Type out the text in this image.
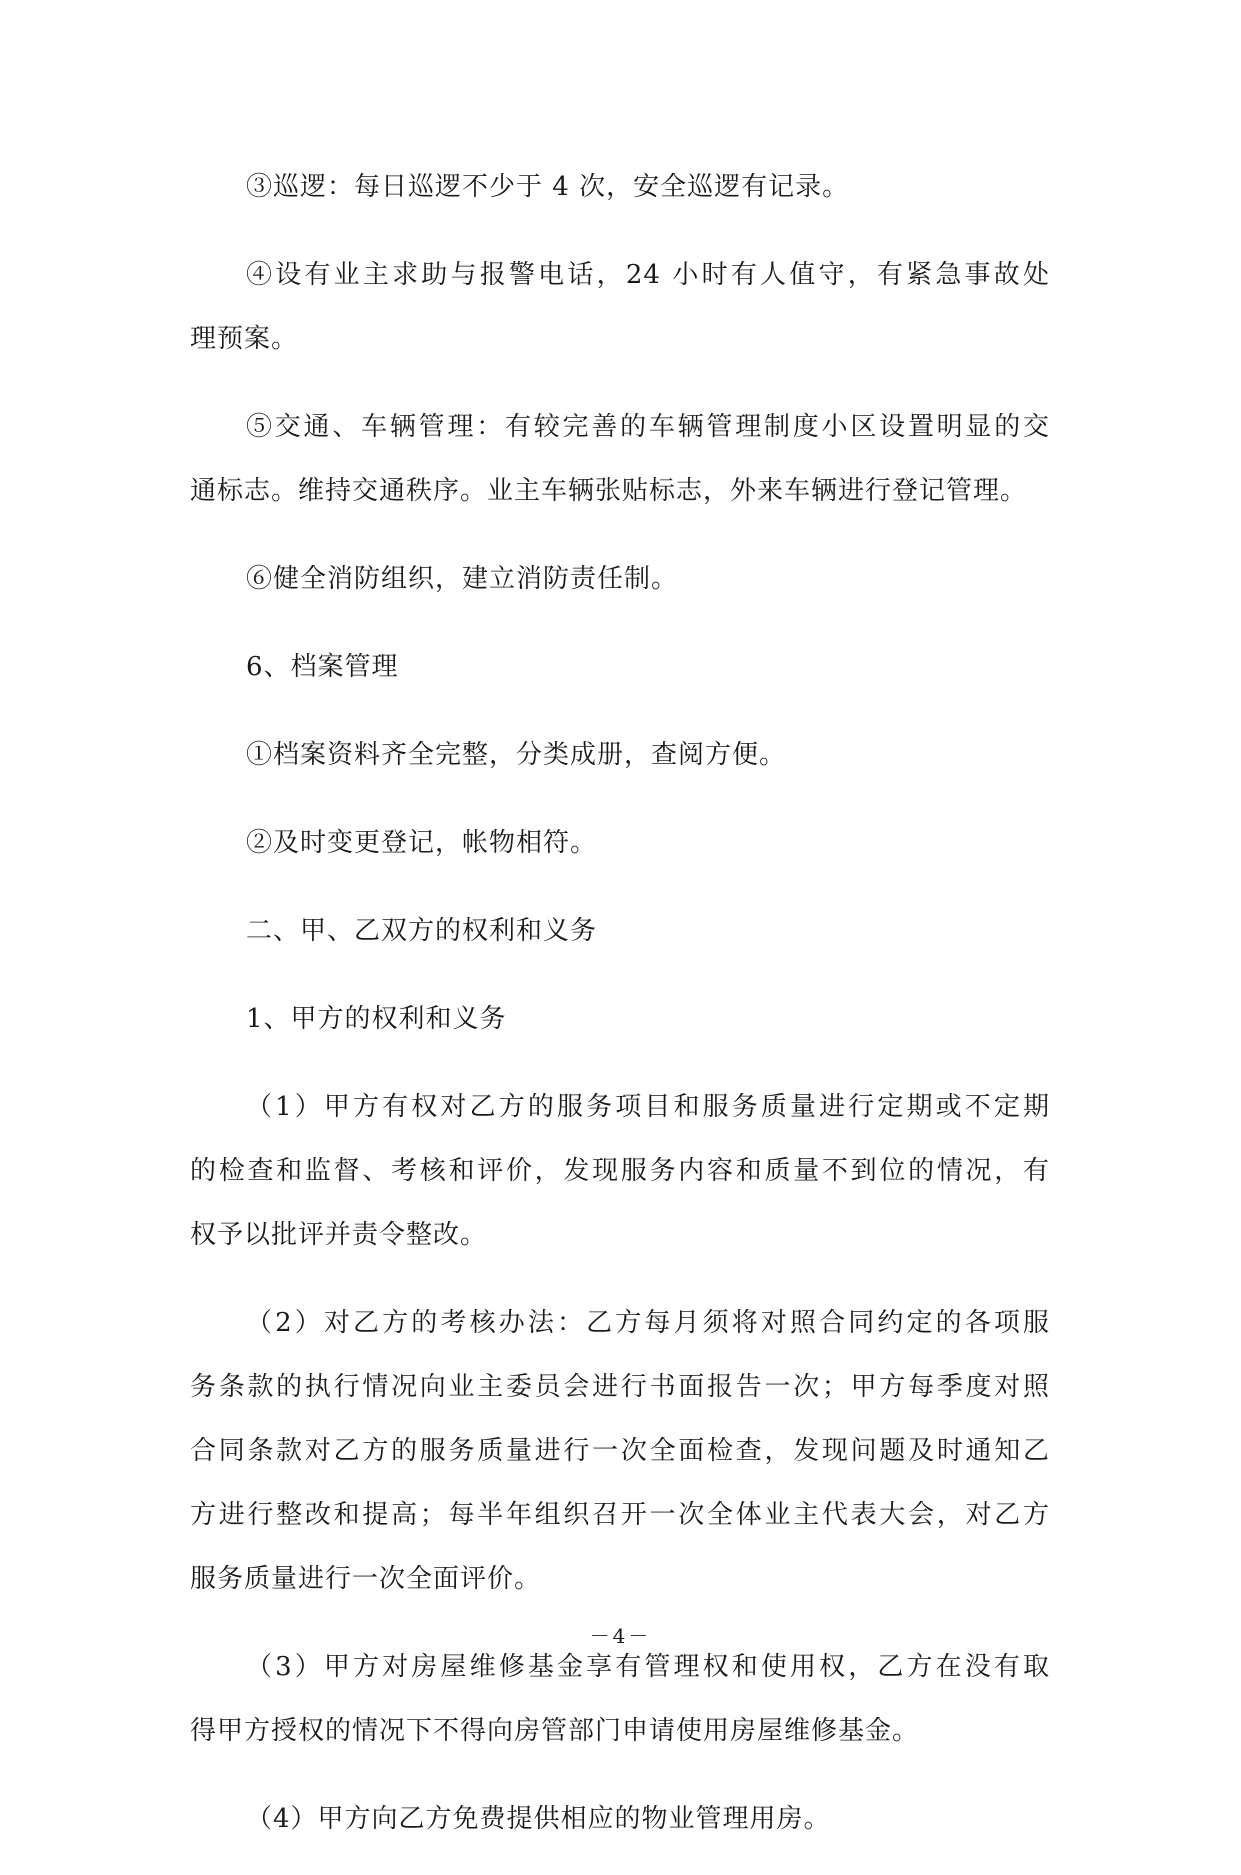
③巡逻：每日巡逻不少于 4 次，安全巡逻有记录。

④设有业主求助与报警电话，24 小时有人值守，有紧急事故处
理预案。

⑤交通、车辆管理：有较完善的车辆管理制度小区设置明显的交
通标志。维持交通秩序。业主车辆张贴标志，外来车辆进行登记管理。

⑥健全消防组织，建立消防责任制。

6、档案管理

①档案资料齐全完整，分类成册，查阅方便。

②及时变更登记，帐物相符。

二、甲、乙双方的权利和义务

1、甲方的权利和义务

（1）甲方有权对乙方的服务项目和服务质量进行定期或不定期
的检查和监督、考核和评价，发现服务内容和质量不到位的情况，有
权予以批评并责令整改。

（2）对乙方的考核办法：乙方每月须将对照合同约定的各项服
务条款的执行情况向业主委员会进行书面报告一次；甲方每季度对照
合同条款对乙方的服务质量进行一次全面检查，发现问题及时通知乙
方进行整改和提高；每半年组织召开一次全体业主代表大会，对乙方
服务质量进行一次全面评价。

（3）甲方对房屋维修基金享有管理权和使用权，乙方在没有取
得甲方授权的情况下不得向房管部门申请使用房屋维修基金。

（4）甲方向乙方免费提供相应的物业管理用房。

－4－
